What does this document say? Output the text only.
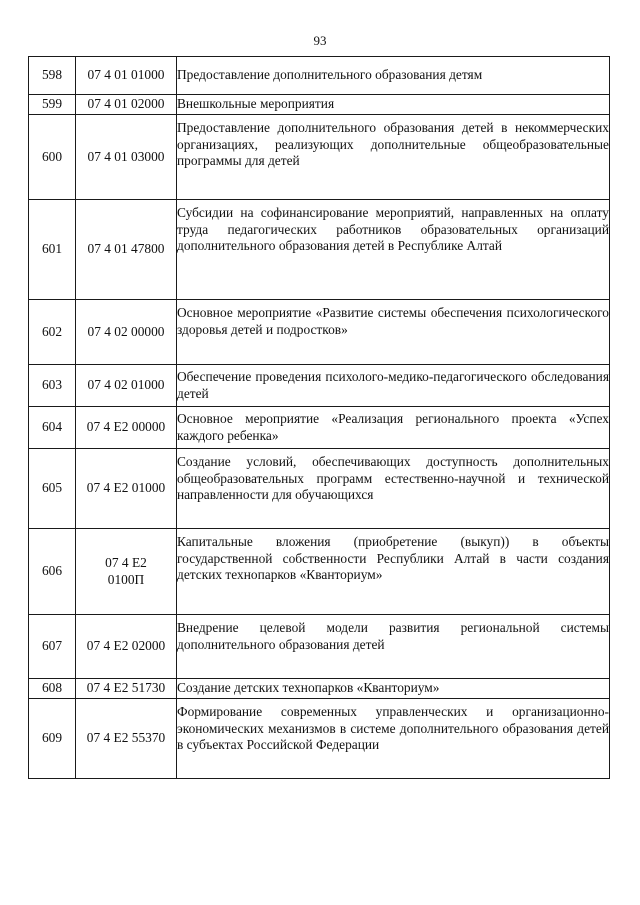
93
598	07 4 01 01000	Предоставление дополнительного образования детям

599	07 4 01 02000	Внешкольные мероприятия

600	07 4 01 03000	Предоставление дополнительного образования детей в некоммерческих организациях, реализующих дополнительные общеобразовательные программы для детей

601	07 4 01 47800	Субсидии на софинансирование мероприятий, направленных на оплату труда педагогических работников образовательных организаций дополнительного образования детей в Республике Алтай

602	07 4 02 00000	Основное мероприятие «Развитие системы обеспечения психологического здоровья детей и подростков»

603	07 4 02 01000	Обеспечение проведения психолого-медико-педагогического обследования детей

604	07 4 E2 00000	Основное мероприятие «Реализация регионального проекта «Успех каждого ребенка»

605	07 4 E2 01000	Создание условий, обеспечивающих доступность дополнительных общеобразовательных программ естественно-научной и технической направленности для обучающихся

606	07 4 E2 0100П	Капитальные вложения (приобретение (выкуп)) в объекты государственной собственности Республики Алтай в части создания детских технопарков «Кванториум»

607	07 4 E2 02000	Внедрение целевой модели развития региональной системы дополнительного образования детей

608	07 4 E2 51730	Создание детских технопарков «Кванториум»

609	07 4 E2 55370	Формирование современных управленческих и организационно-экономических механизмов в системе дополнительного образования детей в субъектах Российской Федерации
